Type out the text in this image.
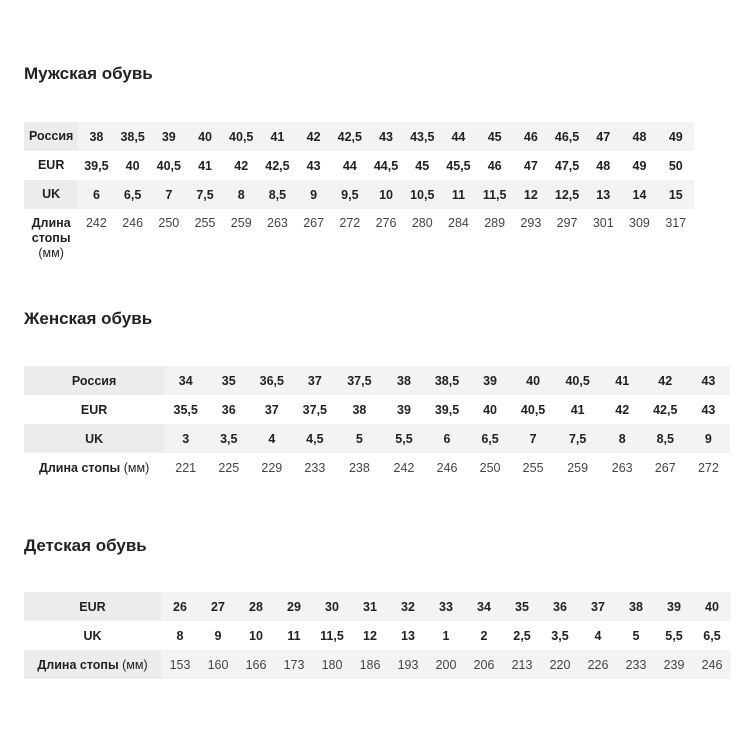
Мужская обувь
Россия	38	38,5	39	40	40,5	41	42	42,5	43	43,5	44	45	46	46,5	47	48	49
EUR	39,5	40	40,5	41	42	42,5	43	44	44,5	45	45,5	46	47	47,5	48	49	50
UK	6	6,5	7	7,5	8	8,5	9	9,5	10	10,5	11	11,5	12	12,5	13	14	15

Длина
стопы
(мм)	242	246	250	255	259	263	267	272	276	280	284	289	293	297	301	309	317
Женская обувь
Россия	34	35	36,5	37	37,5	38	38,5	39	40	40,5	41	42	43
EUR	35,5	36	37	37,5	38	39	39,5	40	40,5	41	42	42,5	43
UK	3	3,5	4	4,5	5	5,5	6	6,5	7	7,5	8	8,5	9
Длина стопы (мм)	221	225	229	233	238	242	246	250	255	259	263	267	272
Детская обувь
EUR	26	27	28	29	30	31	32	33	34	35	36	37	38	39	40
UK	8	9	10	11	11,5	12	13	1	2	2,5	3,5	4	5	5,5	6,5
Длина стопы (мм)	153	160	166	173	180	186	193	200	206	213	220	226	233	239	246
